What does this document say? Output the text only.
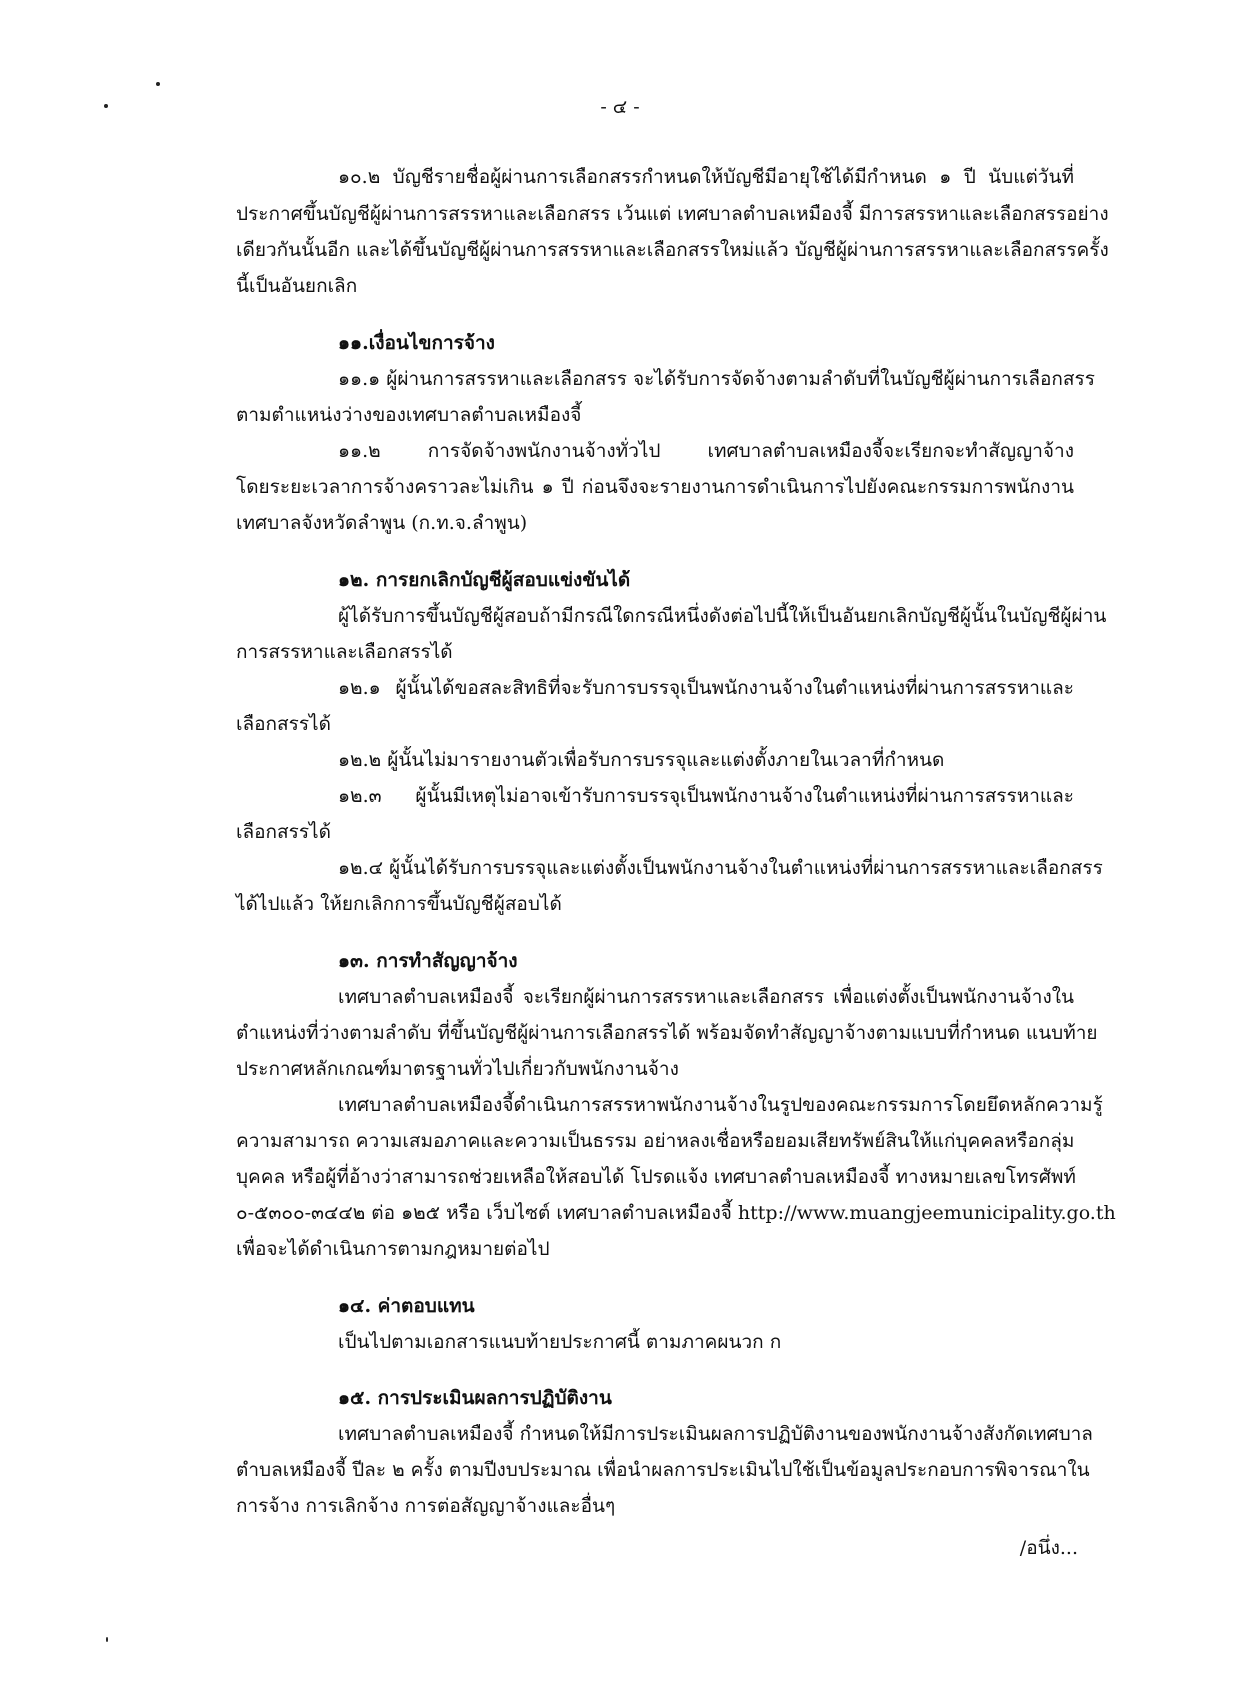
- ๔ -
๑๐.๒ บัญชีรายชื่อผู้ผ่านการเลือกสรรกำหนดให้บัญชีมีอายุใช้ได้มีกำหนด ๑ ปี นับแต่วันที่
ประกาศขึ้นบัญชีผู้ผ่านการสรรหาและเลือกสรร เว้นแต่ เทศบาลตำบลเหมืองจี้ มีการสรรหาและเลือกสรรอย่าง
เดียวกันนั้นอีก และได้ขึ้นบัญชีผู้ผ่านการสรรหาและเลือกสรรใหม่แล้ว บัญชีผู้ผ่านการสรรหาและเลือกสรรครั้ง
นี้เป็นอันยกเลิก
๑๑.เงื่อนไขการจ้าง
๑๑.๑ ผู้ผ่านการสรรหาและเลือกสรร จะได้รับการจัดจ้างตามลำดับที่ในบัญชีผู้ผ่านการเลือกสรร
ตามตำแหน่งว่างของเทศบาลตำบลเหมืองจี้
๑๑.๒ การจัดจ้างพนักงานจ้างทั่วไป เทศบาลตำบลเหมืองจี้จะเรียกจะทำสัญญาจ้าง
โดยระยะเวลาการจ้างคราวละไม่เกิน ๑ ปี ก่อนจึงจะรายงานการดำเนินการไปยังคณะกรรมการพนักงาน
เทศบาลจังหวัดลำพูน (ก.ท.จ.ลำพูน)
๑๒. การยกเลิกบัญชีผู้สอบแข่งขันได้
ผู้ได้รับการขึ้นบัญชีผู้สอบถ้ามีกรณีใดกรณีหนึ่งดังต่อไปนี้ให้เป็นอันยกเลิกบัญชีผู้นั้นในบัญชีผู้ผ่าน
การสรรหาและเลือกสรรได้
๑๒.๑ ผู้นั้นได้ขอสละสิทธิที่จะรับการบรรจุเป็นพนักงานจ้างในตำแหน่งที่ผ่านการสรรหาและ
เลือกสรรได้
๑๒.๒ ผู้นั้นไม่มารายงานตัวเพื่อรับการบรรจุและแต่งตั้งภายในเวลาที่กำหนด
๑๒.๓ ผู้นั้นมีเหตุไม่อาจเข้ารับการบรรจุเป็นพนักงานจ้างในตำแหน่งที่ผ่านการสรรหาและ
เลือกสรรได้
๑๒.๔ ผู้นั้นได้รับการบรรจุและแต่งตั้งเป็นพนักงานจ้างในตำแหน่งที่ผ่านการสรรหาและเลือกสรร
ได้ไปแล้ว ให้ยกเลิกการขึ้นบัญชีผู้สอบได้
๑๓. การทำสัญญาจ้าง
เทศบาลตำบลเหมืองจี้ จะเรียกผู้ผ่านการสรรหาและเลือกสรร เพื่อแต่งตั้งเป็นพนักงานจ้างใน
ตำแหน่งที่ว่างตามลำดับ ที่ขึ้นบัญชีผู้ผ่านการเลือกสรรได้ พร้อมจัดทำสัญญาจ้างตามแบบที่กำหนด แนบท้าย
ประกาศหลักเกณฑ์มาตรฐานทั่วไปเกี่ยวกับพนักงานจ้าง
เทศบาลตำบลเหมืองจี้ดำเนินการสรรหาพนักงานจ้างในรูปของคณะกรรมการโดยยึดหลักความรู้
ความสามารถ ความเสมอภาคและความเป็นธรรม อย่าหลงเชื่อหรือยอมเสียทรัพย์สินให้แก่บุคคลหรือกลุ่ม
บุคคล หรือผู้ที่อ้างว่าสามารถช่วยเหลือให้สอบได้ โปรดแจ้ง เทศบาลตำบลเหมืองจี้ ทางหมายเลขโทรศัพท์
๐-๕๓๐๐-๓๔๔๒ ต่อ ๑๒๕ หรือ เว็บไซต์ เทศบาลตำบลเหมืองจี้ http://www.muangjeemunicipality.go.th
เพื่อจะได้ดำเนินการตามกฎหมายต่อไป
๑๔. ค่าตอบแทน
เป็นไปตามเอกสารแนบท้ายประกาศนี้ ตามภาคผนวก ก
๑๕. การประเมินผลการปฏิบัติงาน
เทศบาลตำบลเหมืองจี้ กำหนดให้มีการประเมินผลการปฏิบัติงานของพนักงานจ้างสังกัดเทศบาล
ตำบลเหมืองจี้ ปีละ ๒ ครั้ง ตามปีงบประมาณ เพื่อนำผลการประเมินไปใช้เป็นข้อมูลประกอบการพิจารณาใน
การจ้าง การเลิกจ้าง การต่อสัญญาจ้างและอื่นๆ
/อนึ่ง...
